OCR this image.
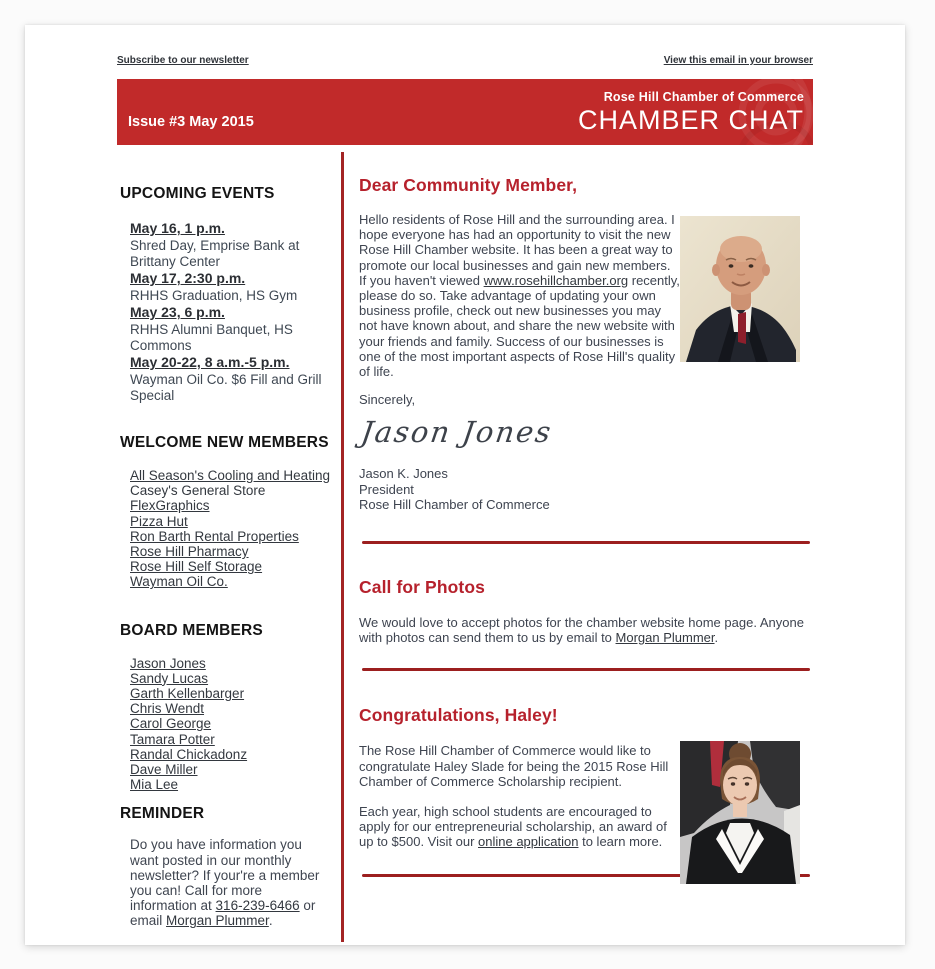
Subscribe to our newsletter	View this email in your browser
Issue #3 May 2015
Rose Hill Chamber of Commerce
CHAMBER CHAT
UPCOMING EVENTS
May 16, 1 p.m.
Shred Day, Emprise Bank at Brittany Center
May 17, 2:30 p.m.
RHHS Graduation, HS Gym
May 23, 6 p.m.
RHHS Alumni Banquet, HS Commons
May 20-22, 8 a.m.-5 p.m.
Wayman Oil Co. $6 Fill and Grill Special
WELCOME NEW MEMBERS
All Season's Cooling and Heating
Casey's General Store
FlexGraphics
Pizza Hut
Ron Barth Rental Properties
Rose Hill Pharmacy
Rose Hill Self Storage
Wayman Oil Co.
BOARD MEMBERS
Jason Jones
Sandy Lucas
Garth Kellenbarger
Chris Wendt
Carol George
Tamara Potter
Randal Chickadonz
Dave Miller
Mia Lee
REMINDER

Do you have information you want posted in our monthly newsletter? If your're a member you can! Call for more information at 316-239-6466 or email Morgan Plummer.

Dear Community Member,

Hello residents of Rose Hill and the surrounding area. I hope everyone has had an opportunity to visit the new Rose Hill Chamber website. It has been a great way to promote our local businesses and gain new members. If you haven't viewed www.rosehillchamber.org recently, please do so. Take advantage of updating your own business profile, check out new businesses you may not have known about, and share the new website with your friends and family. Success of our businesses is one of the most important aspects of Rose Hill's quality of life.

Sincerely,

Jason Jones
Jason K. Jones
President
Rose Hill Chamber of Commerce
Call for Photos

We would love to accept photos for the chamber website home page. Anyone with photos can send them to us by email to Morgan Plummer.

Congratulations, Haley!

The Rose Hill Chamber of Commerce would like to congratulate Haley Slade for being the 2015 Rose Hill Chamber of Commerce Scholarship recipient.

Each year, high school students are encouraged to apply for our entrepreneurial scholarship, an award of up to $500. Visit our online application to learn more.
